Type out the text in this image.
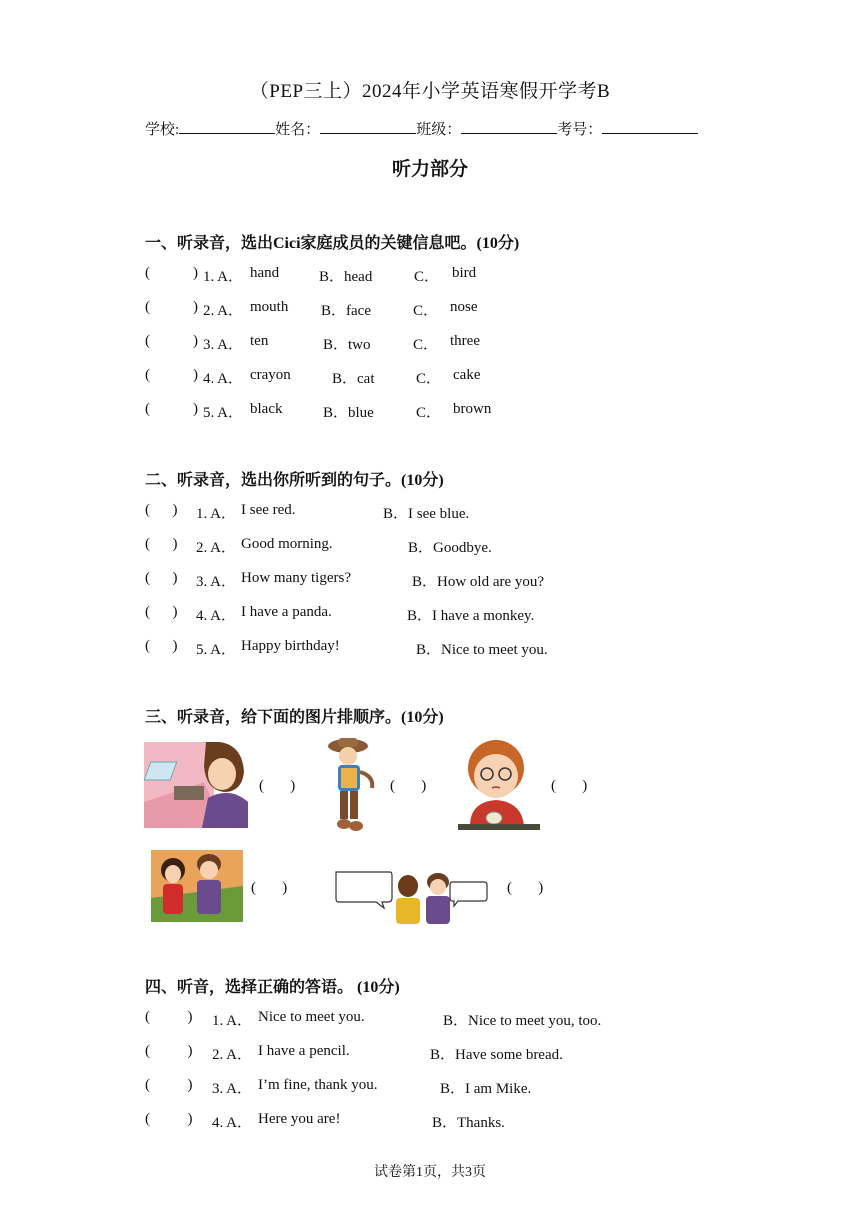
（PEP三上）2024年小学英语寒假开学考B
学校:	姓名：	班级：	考号：
听力部分
一、听录音，选出Cici家庭成员的关键信息吧。(10分)
(	) 1. A． hand	B．head	C． bird
(	) 2. A． mouth B．face	C． nose
(	) 3. A． ten	B．two	C． three
(	) 4. A． crayon	B．cat	C． cake
(	) 5. A． black	B．blue	C． brown
二、听录音，选出你所听到的句子。(10分)
(      ) 1. A． I see red.	B．I see blue.
(      ) 2. A． Good morning.	B．Goodbye.
(      ) 3. A． How many tigers?	B．How old are you?
(      ) 4. A． I have a panda.	B．I have a monkey.
(      ) 5. A． Happy birthday!	B．Nice to meet you.
三、听录音，给下面的图片排顺序。(10分)
( )	( )	( )
( )	( )
四、听音，选择正确的答语。 (10分)
(          ) 1. A． Nice to meet you.	B．Nice to meet you, too.
(          ) 2. A． I have a pencil.	B．Have some bread.
(          ) 3. A． I’m fine, thank you.	B．I am Mike.
(          ) 4. A． Here you are!	B．Thanks.
试卷第1页，共3页
